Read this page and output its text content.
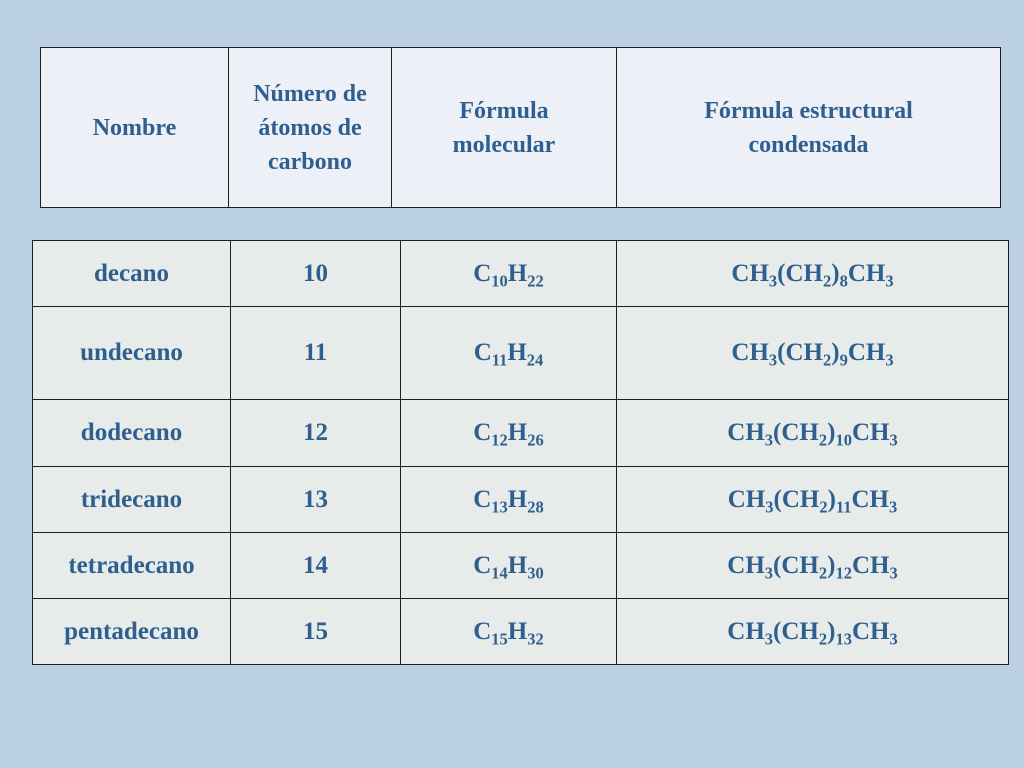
Nombre	Número de átomos de carbono	Fórmula molecular	Fórmula estructural condensada
decano	10	$C_{10}H_{22}$	$CH_3(CH_2)_8CH_3$
undecano	11	$C_{11}H_{24}$	$CH_3(CH_2)_9CH_3$
dodecano	12	$C_{12}H_{26}$	$CH_3(CH_2)_{10}CH_3$
tridecano	13	$C_{13}H_{28}$	$CH_3(CH_2)_{11}CH_3$
tetradecano	14	$C_{14}H_{30}$	$CH_3(CH_2)_{12}CH_3$
pentadecano	15	$C_{15}H_{32}$	$CH_3(CH_2)_{13}CH_3$
